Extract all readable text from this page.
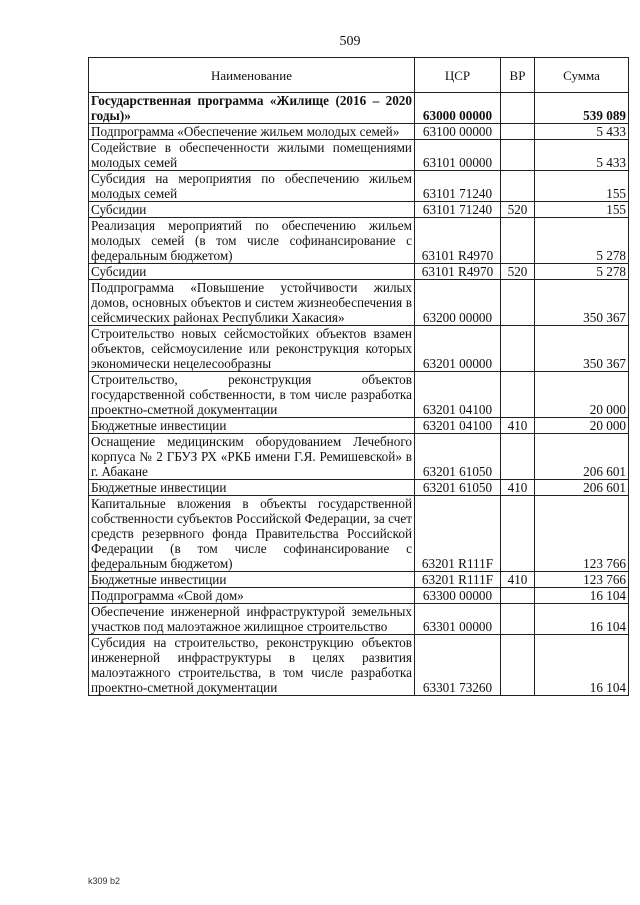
509
Наименование	ЦСР	ВР	Сумма
Государственная программа «Жилище (2016 – 2020 годы)»	63000 00000		539 089
Подпрограмма «Обеспечение жильем молодых семей»	63100 00000		5 433
Содействие в обеспеченности жилыми помещениями молодых семей	63101 00000		5 433
Субсидия на мероприятия по обеспечению жильем молодых семей	63101 71240		155
Субсидии	63101 71240	520	155
Реализация мероприятий по обеспечению жильем молодых семей (в том числе софинансирование с федеральным бюджетом)	63101 R4970		5 278
Субсидии	63101 R4970	520	5 278
Подпрограмма «Повышение устойчивости жилых домов, основных объектов и систем жизнеобеспечения в сейсмических районах Республики Хакасия»	63200 00000		350 367
Строительство новых сейсмостойких объектов взамен объектов, сейсмоусиление или реконструкция которых экономически нецелесообразны	63201 00000		350 367
Строительство, реконструкция объектов государственной собственности, в том числе разработка проектно-сметной документации	63201 04100		20 000
Бюджетные инвестиции	63201 04100	410	20 000
Оснащение медицинским оборудованием Лечебного корпуса № 2 ГБУЗ РХ «РКБ имени Г.Я. Ремишевской» в г. Абакане	63201 61050		206 601
Бюджетные инвестиции	63201 61050	410	206 601
Капитальные вложения в объекты государственной собственности субъектов Российской Федерации, за счет средств резервного фонда Правительства Российской Федерации (в том числе софинансирование с федеральным бюджетом)	63201 R111F		123 766
Бюджетные инвестиции	63201 R111F	410	123 766
Подпрограмма «Свой дом»	63300 00000		16 104
Обеспечение инженерной инфраструктурой земельных участков под малоэтажное жилищное строительство	63301 00000		16 104
Субсидия на строительство, реконструкцию объектов инженерной инфраструктуры в целях развития малоэтажного строительства, в том числе разработка проектно-сметной документации	63301 73260		16 104
k309 b2
